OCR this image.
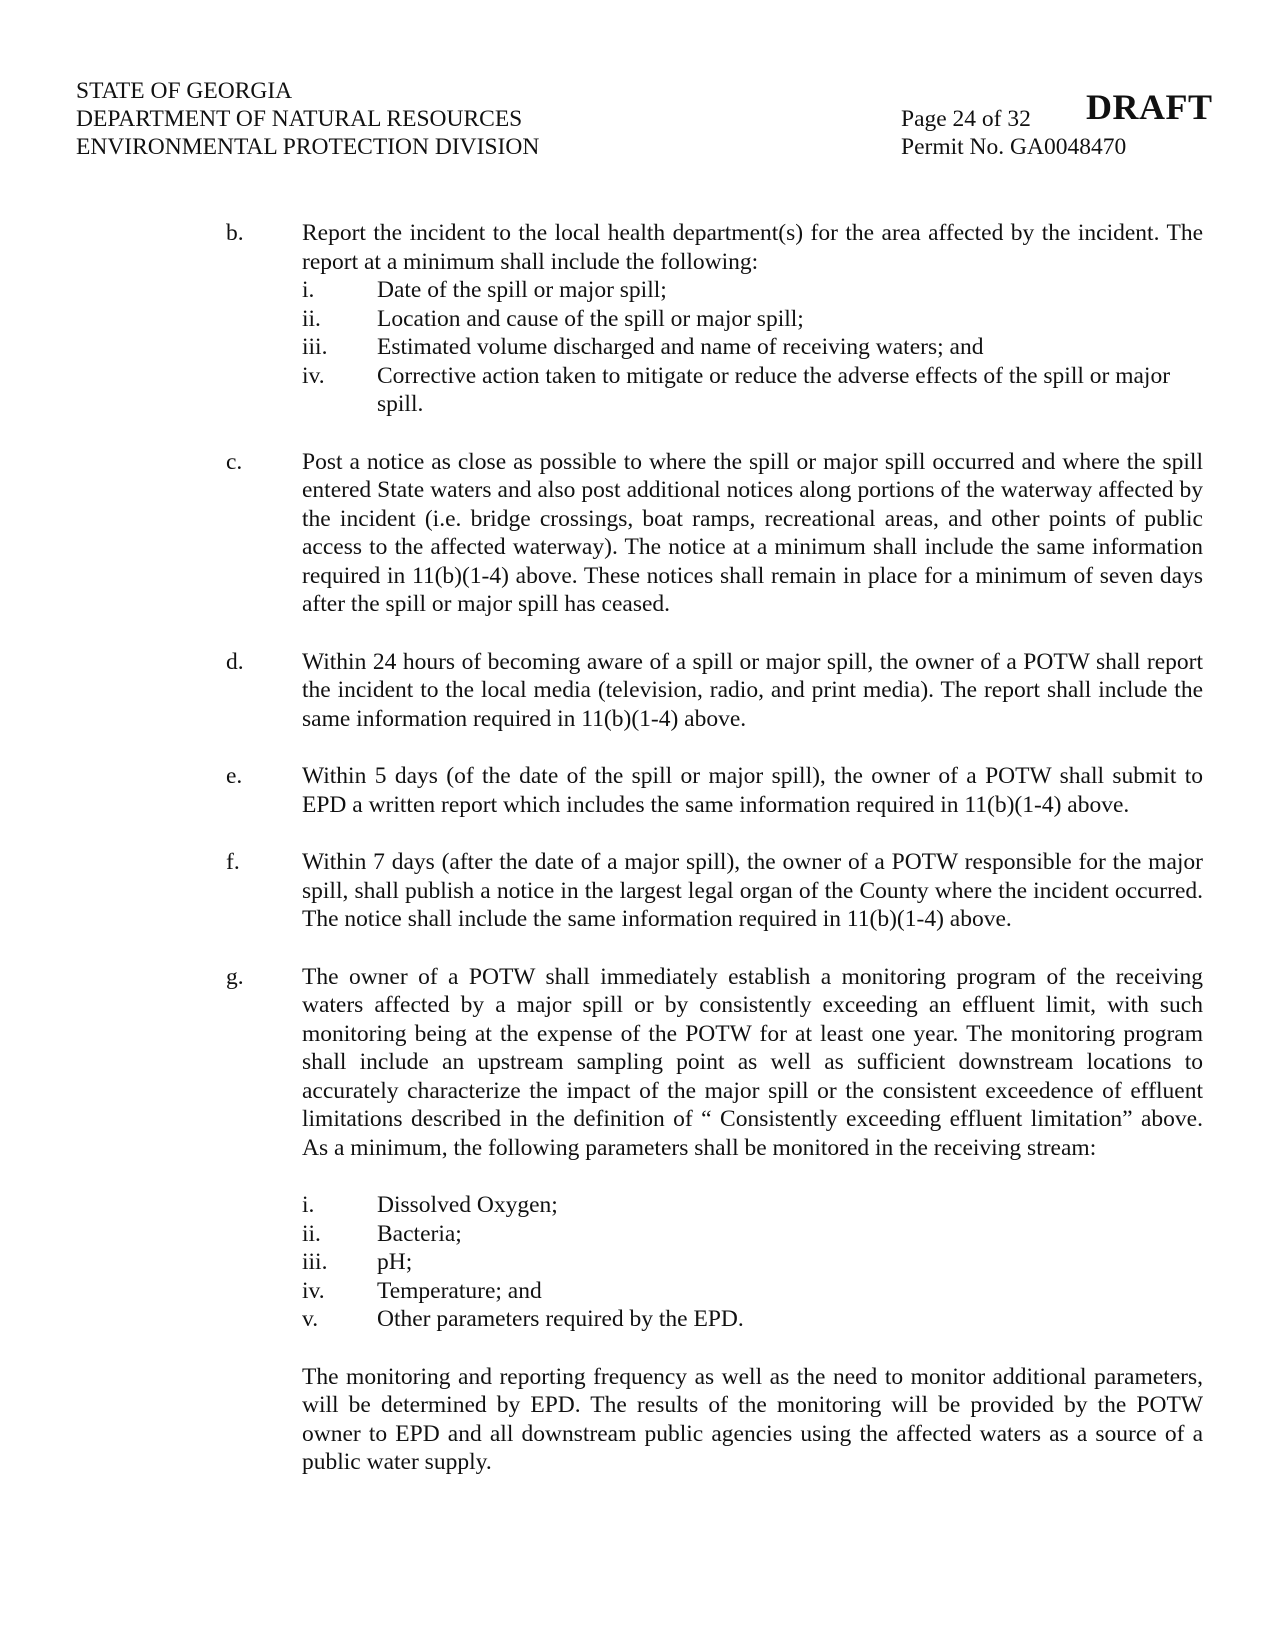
STATE OF GEORGIA
DEPARTMENT OF NATURAL RESOURCES
ENVIRONMENTAL PROTECTION DIVISION
Page 24 of 32
Permit No. GA0048470
DRAFT
b.	Report the incident to the local health department(s) for the area affected by the incident. The report at a minimum shall include the following:

i.	Date of the spill or major spill;
ii.	Location and cause of the spill or major spill;
iii.	Estimated volume discharged and name of receiving waters; and
iv.	Corrective action taken to mitigate or reduce the adverse effects of the spill or major spill.
c.	Post a notice as close as possible to where the spill or major spill occurred and where the spill entered State waters and also post additional notices along portions of the waterway affected by the incident (i.e. bridge crossings, boat ramps, recreational areas, and other points of public access to the affected waterway). The notice at a minimum shall include the same information required in 11(b)(1-4) above. These notices shall remain in place for a minimum of seven days after the spill or major spill has ceased.

d.	Within 24 hours of becoming aware of a spill or major spill, the owner of a POTW shall report the incident to the local media (television, radio, and print media). The report shall include the same information required in 11(b)(1-4) above.

e.	Within 5 days (of the date of the spill or major spill), the owner of a POTW shall submit to EPD a written report which includes the same information required in 11(b)(1-4) above.

f.	Within 7 days (after the date of a major spill), the owner of a POTW responsible for the major spill, shall publish a notice in the largest legal organ of the County where the incident occurred. The notice shall include the same information required in 11(b)(1-4) above.

g.	The owner of a POTW shall immediately establish a monitoring program of the receiving waters affected by a major spill or by consistently exceeding an effluent limit, with such monitoring being at the expense of the POTW for at least one year. The monitoring program shall include an upstream sampling point as well as sufficient downstream locations to accurately characterize the impact of the major spill or the consistent exceedence of effluent limitations described in the definition of “ Consistently exceeding effluent limitation” above. As a minimum, the following parameters shall be monitored in the receiving stream:

i.	Dissolved Oxygen;
ii.	Bacteria;
iii.	pH;
iv.	Temperature; and
v.	Other parameters required by the EPD.

The monitoring and reporting frequency as well as the need to monitor additional parameters, will be determined by EPD. The results of the monitoring will be provided by the POTW owner to EPD and all downstream public agencies using the affected waters as a source of a public water supply.
